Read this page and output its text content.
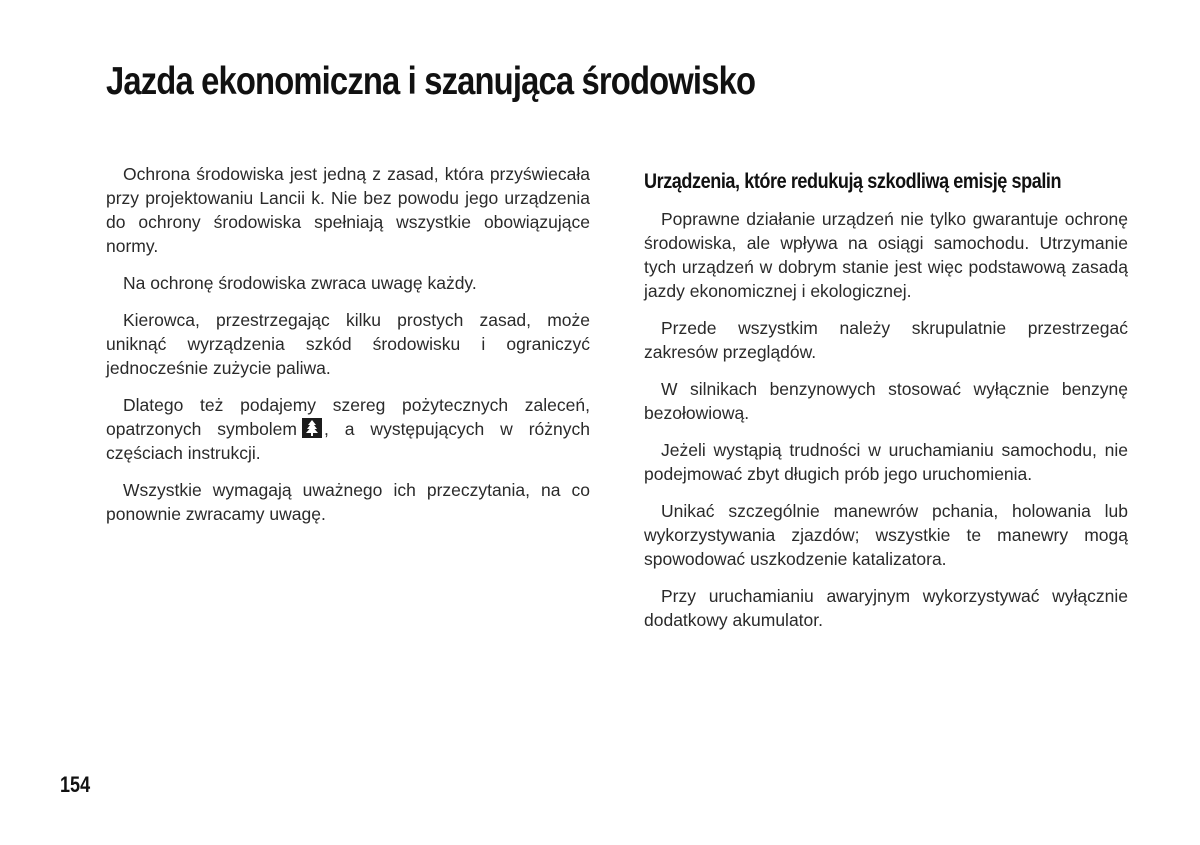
Jazda ekonomiczna i szanująca środowisko

Ochrona środowiska jest jedną z zasad, która przyświecała przy projektowaniu Lancii k. Nie bez powodu jego urządzenia do ochrony środowiska spełniają wszystkie obowiązujące normy.

Na ochronę środowiska zwraca uwagę każdy.

Kierowca, przestrzegając kilku prostych zasad, może uniknąć wyrządzenia szkód środowisku i ograniczyć jednocześnie zużycie paliwa.

Dlatego też podajemy szereg pożytecznych zaleceń, opatrzonych symbolem , a występujących w różnych częściach instrukcji.

Wszystkie wymagają uważnego ich przeczytania, na co ponownie zwracamy uwagę.

Urządzenia, które redukują szkodliwą emisję spalin

Poprawne działanie urządzeń nie tylko gwarantuje ochronę środowiska, ale wpływa na osiągi samochodu. Utrzymanie tych urządzeń w dobrym stanie jest więc podstawową zasadą jazdy ekonomicznej i ekologicznej.

Przede wszystkim należy skrupulatnie przestrzegać zakresów przeglądów.

W silnikach benzynowych stosować wyłącznie benzynę bezołowiową.

Jeżeli wystąpią trudności w uruchamianiu samochodu, nie podejmować zbyt długich prób jego uruchomienia.

Unikać szczególnie manewrów pchania, holowania lub wykorzystywania zjazdów; wszystkie te manewry mogą spowodować uszkodzenie katalizatora.

Przy uruchamianiu awaryjnym wykorzystywać wyłącznie dodatkowy akumulator.

154
